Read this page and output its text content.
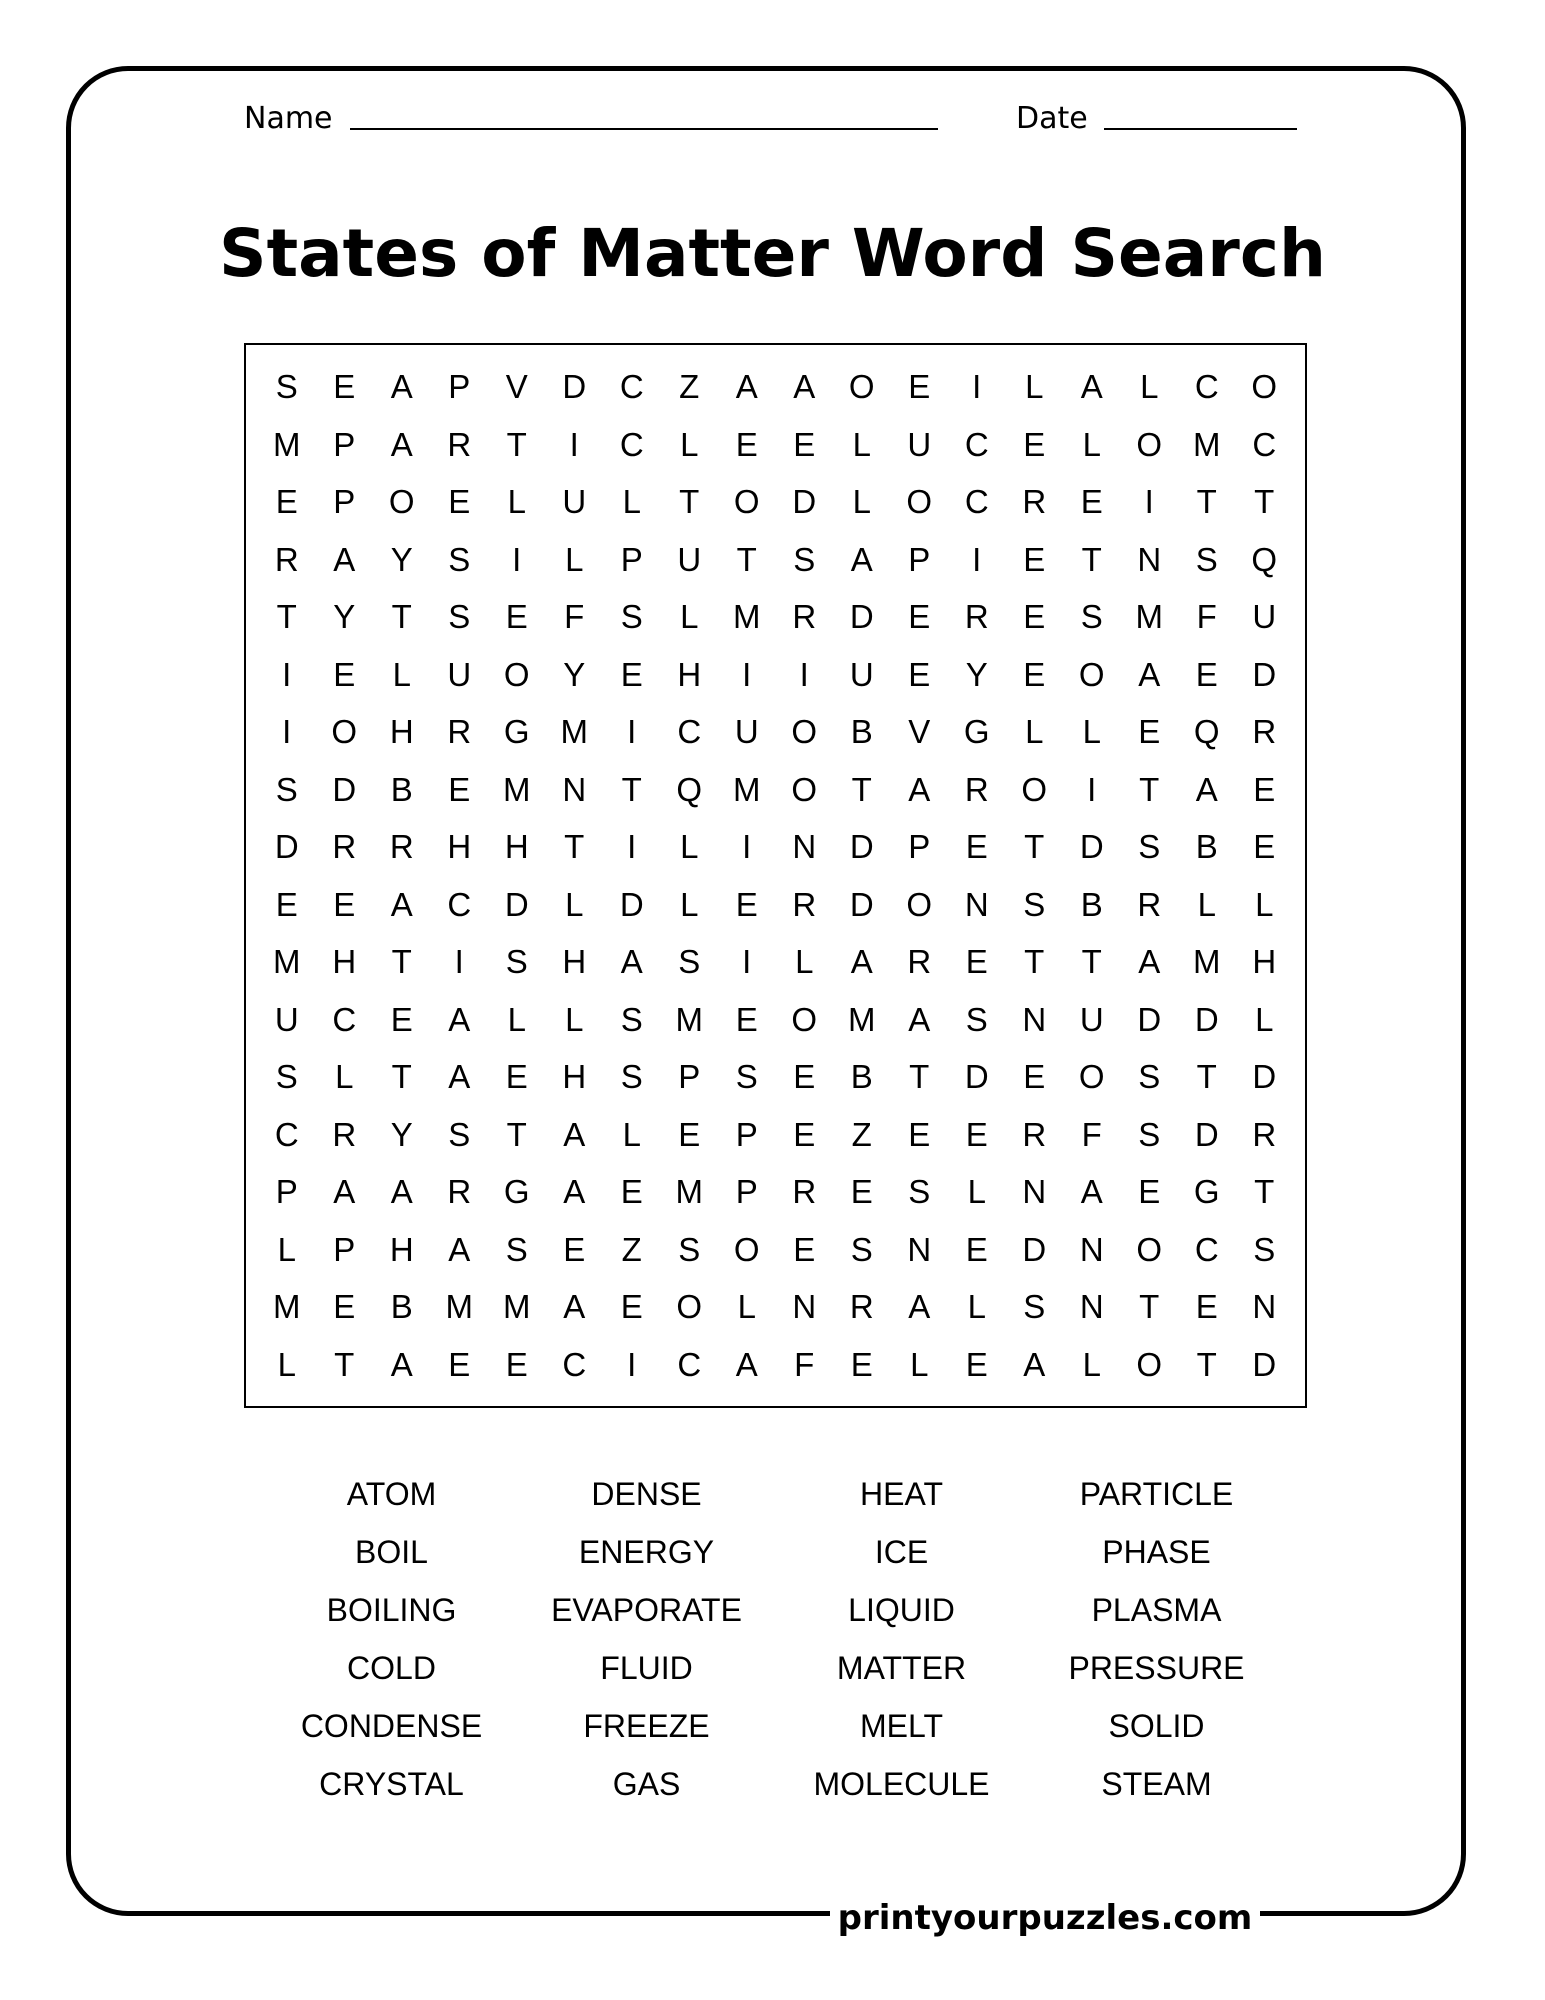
Name	Date
States of Matter Word Search
S	E	A	P	V	D	C	Z	A	A	O	E	I	L	A	L	C O
M P	A	R	T	I	C	L	E	E	L	U	C	E	L	O M C
E	P	O	E	L	U	L	T	O D	L	O C	R	E	I	T	T
R	A	Y	S	I	L	P	U	T	S	A	P	I	E	T	N	S	Q
T	Y	T	S	E	F	S	L	M R	D	E	R	E	S M	F	U
I	E	L	U O	Y	E	H	I	I	U	E	Y	E	O	A	E	D
I	O H	R G M	I	C	U O	B	V	G	L	L	E	Q R
S	D	B	E M N	T	Q M O	T	A	R O	I	T	A	E
D	R	R	H	H	T	I	L	I	N	D	P	E	T	D	S	B	E
E	E	A	C	D	L	D	L	E	R	D O N	S	B	R	L	L
M H	T	I	S	H	A	S	I	L	A	R	E	T	T	A M H
U	C	E	A	L	L	S M E	O M A	S	N	U	D	D	L
S	L	T	A	E	H	S	P	S	E	B	T	D	E	O	S	T	D
C	R	Y	S	T	A	L	E	P	E	Z	E	E	R	F	S	D	R
P	A	A	R G	A	E M P	R	E	S	L	N	A	E	G	T
L	P	H	A	S	E	Z	S	O	E	S	N	E	D	N O C	S
M E	B M M A	E	O	L	N	R	A	L	S	N	T	E	N
L	T	A	E	E	C	I	C	A	F	E	L	E	A	L	O	T	D
ATOM	DENSE	HEAT	PARTICLE
BOIL	ENERGY	ICE	PHASE
BOILING	EVAPORATE	LIQUID	PLASMA
COLD	FLUID	MATTER	PRESSURE
CONDENSE	FREEZE	MELT	SOLID
CRYSTAL	GAS	MOLECULE	STEAM
printyourpuzzles.com
